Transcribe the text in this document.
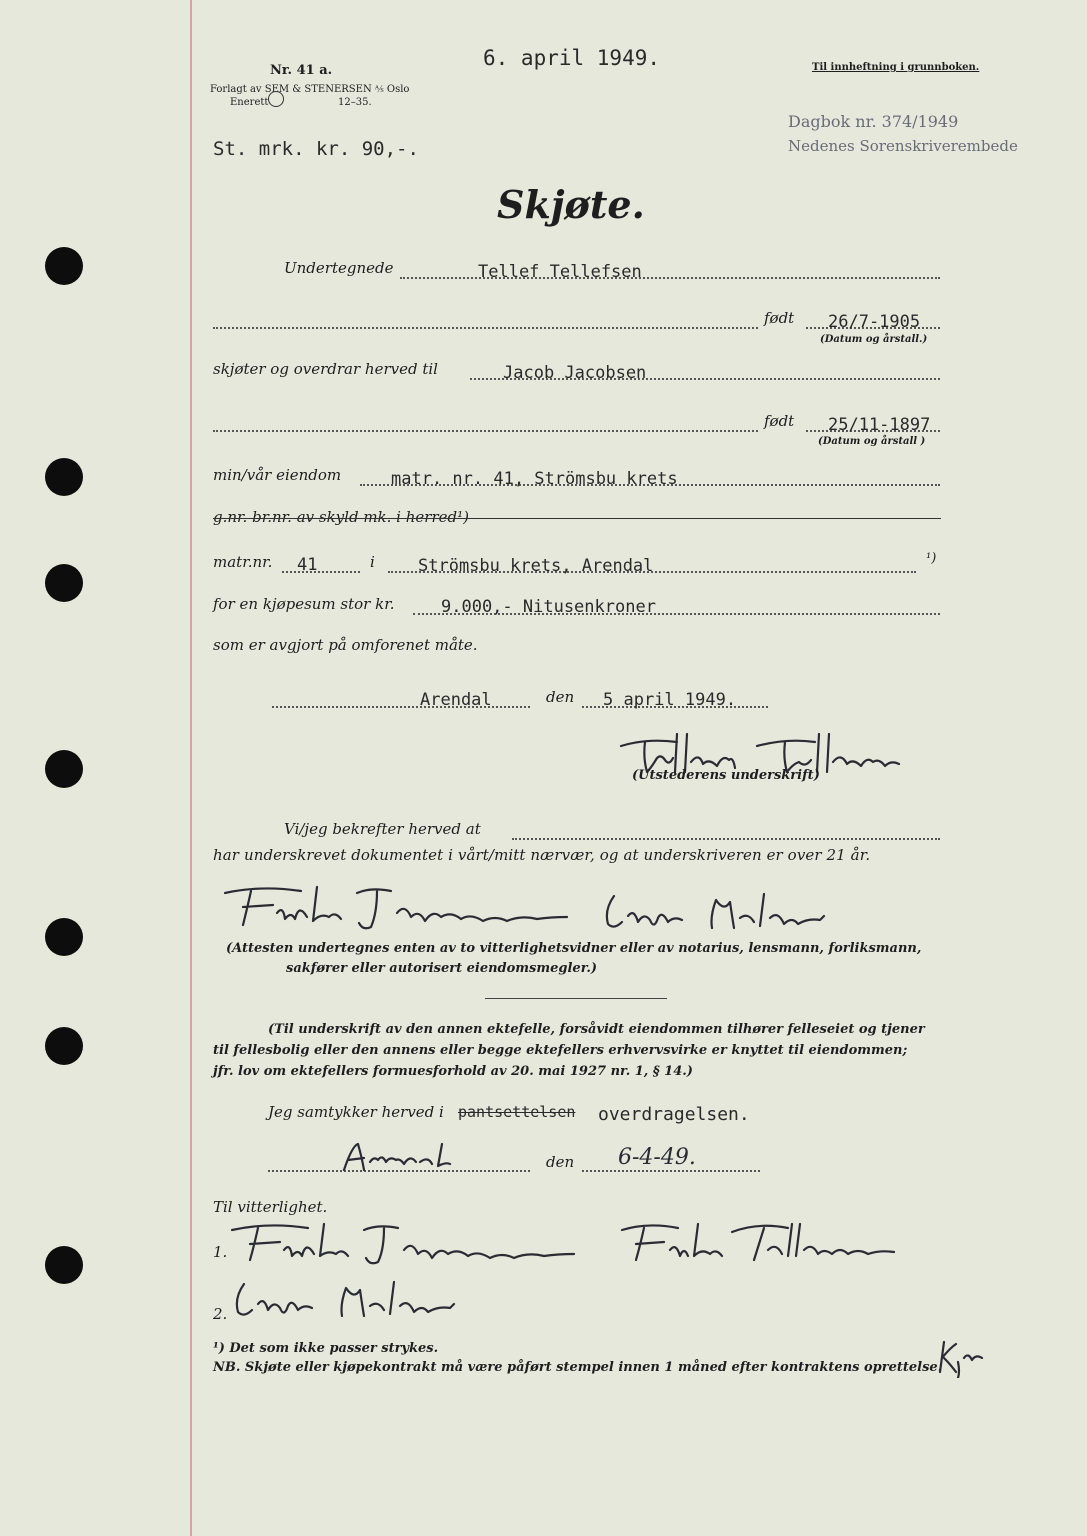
Nr. 41 a.
Forlagt av SEM & STENERSEN ⅍ Oslo
Enerett	12–35.
6. april 1949.	Til innheftning i grunnboken.
Dagbok nr. 374/1949
Nedenes Sorenskriverembede
St. mrk. kr. 90,-.
Skjøte.
Undertegnede	Tellef Tellefsen
født 26/7-1905
(Datum og årstall.)
skjøter og overdrar herved til	Jacob Jacobsen
født 25/11-1897
(Datum og årstall )
min/vår eiendom	matr. nr. 41, Strömsbu krets
g.nr. br.nr. av skyld mk. i herred¹)
matr.nr. 41	i	Strömsbu krets, Arendal	¹)
for en kjøpesum stor kr.	9.000,- Nitusenkroner
som er avgjort på omforenet måte.
Arendal	den 5 april 1949.
(Utstederens underskrift)
Vi/jeg bekrefter herved at
har underskrevet dokumentet i vårt/mitt nærvær, og at underskriveren er over 21 år.
(Attesten undertegnes enten av to vitterlighetsvidner eller av notarius, lensmann, forliksmann,
sakfører eller autorisert eiendomsmegler.)
(Til underskrift av den annen ektefelle, forsåvidt eiendommen tilhører felleseiet og tjener
til fellesbolig eller den annens eller begge ektefellers erhvervsvirke er knyttet til eiendommen;
jfr. lov om ektefellers formuesforhold av 20. mai 1927 nr. 1, § 14.)
Jeg samtykker herved i pantsettelsen overdragelsen.
den 6-4-49.
Til vitterlighet.
1.
2.
¹) Det som ikke passer strykes.
NB. Skjøte eller kjøpekontrakt må være påført stempel innen 1 måned efter kontraktens oprettelse.
